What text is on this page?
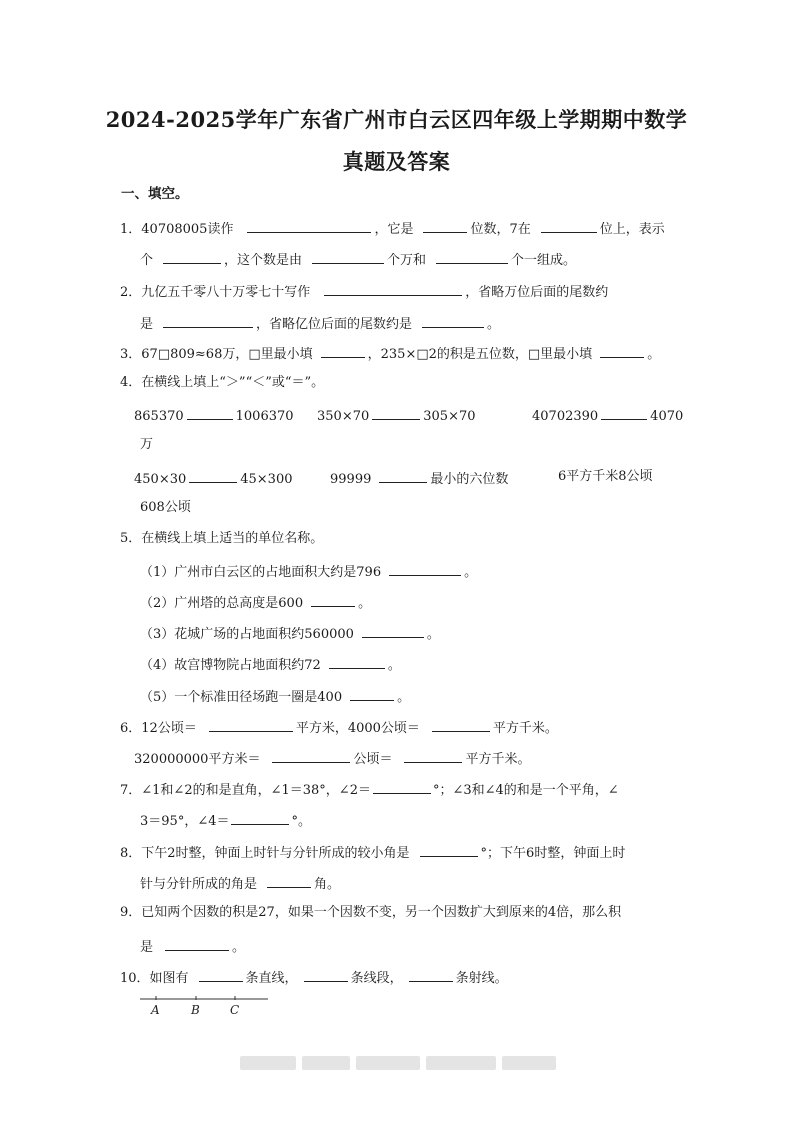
2024-2025学年广东省广州市白云区四年级上学期期中数学
真题及答案
一、填空。
1．40708005读作	，它是	位数，7在	位上，表示
个	，这个数是由	个万和	个一组成。
2．九亿五千零八十万零七十写作	，省略万位后面的尾数约
是	，省略亿位后面的尾数约是	。
3．67□809≈68万，□里最小填	，235×□2的积是五位数，□里最小填	。
4．在横线上填上“＞”“＜”或“＝”。
865370	1006370 350×70	305×70	40702390	4070
万
450×30	45×300	99999	最小的六位数	6平方千米8公顷
608公顷
5．在横线上填上适当的单位名称。
（1）广州市白云区的占地面积大约是796	。
（2）广州塔的总高度是600	。
（3）花城广场的占地面积约560000	。
（4）故宫博物院占地面积约72	。
（5）一个标准田径场跑一圈是400	。
6．12公顷＝	平方米，4000公顷＝	平方千米。
320000000平方米＝	公顷＝	平方千米。
7．∠1和∠2的和是直角，∠1＝38°，∠2＝	°；∠3和∠4的和是一个平角，∠
3＝95°，∠4＝	°。
8．下午2时整，钟面上时针与分针所成的较小角是	°；下午6时整，钟面上时
针与分针所成的角是	角。
9．已知两个因数的积是27，如果一个因数不变，另一个因数扩大到原来的4倍，那么积
是	。
10．如图有	条直线，	条线段，	条射线。
A	B	C
